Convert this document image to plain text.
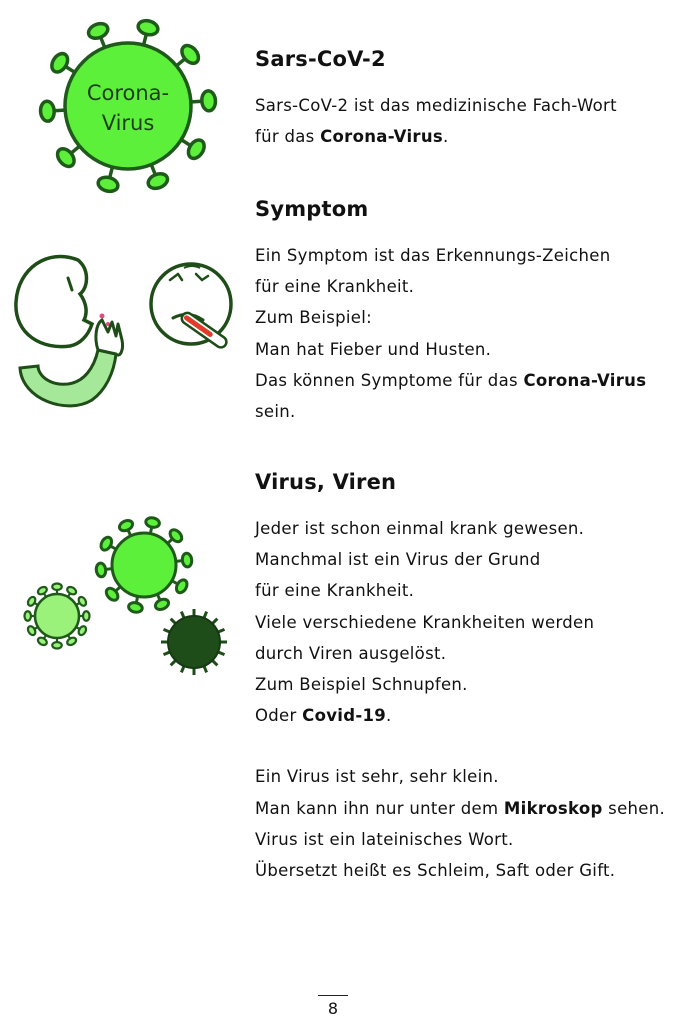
Corona-
Virus
Sars-CoV-2

Sars-CoV-2 ist das medizinische Fach-Wort

für das Corona-Virus.

Symptom

Ein Symptom ist das Erkennungs-Zeichen

für eine Krankheit.

Zum Beispiel:

Man hat Fieber und Husten.

Das können Symptome für das Corona-Virus

sein.

Virus, Viren

Jeder ist schon einmal krank gewesen.

Manchmal ist ein Virus der Grund

für eine Krankheit.

Viele verschiedene Krankheiten werden

durch Viren ausgelöst.

Zum Beispiel Schnupfen.

Oder Covid-19.

Ein Virus ist sehr, sehr klein.

Man kann ihn nur unter dem Mikroskop sehen.

Virus ist ein lateinisches Wort.

Übersetzt heißt es Schleim, Saft oder Gift.

8
